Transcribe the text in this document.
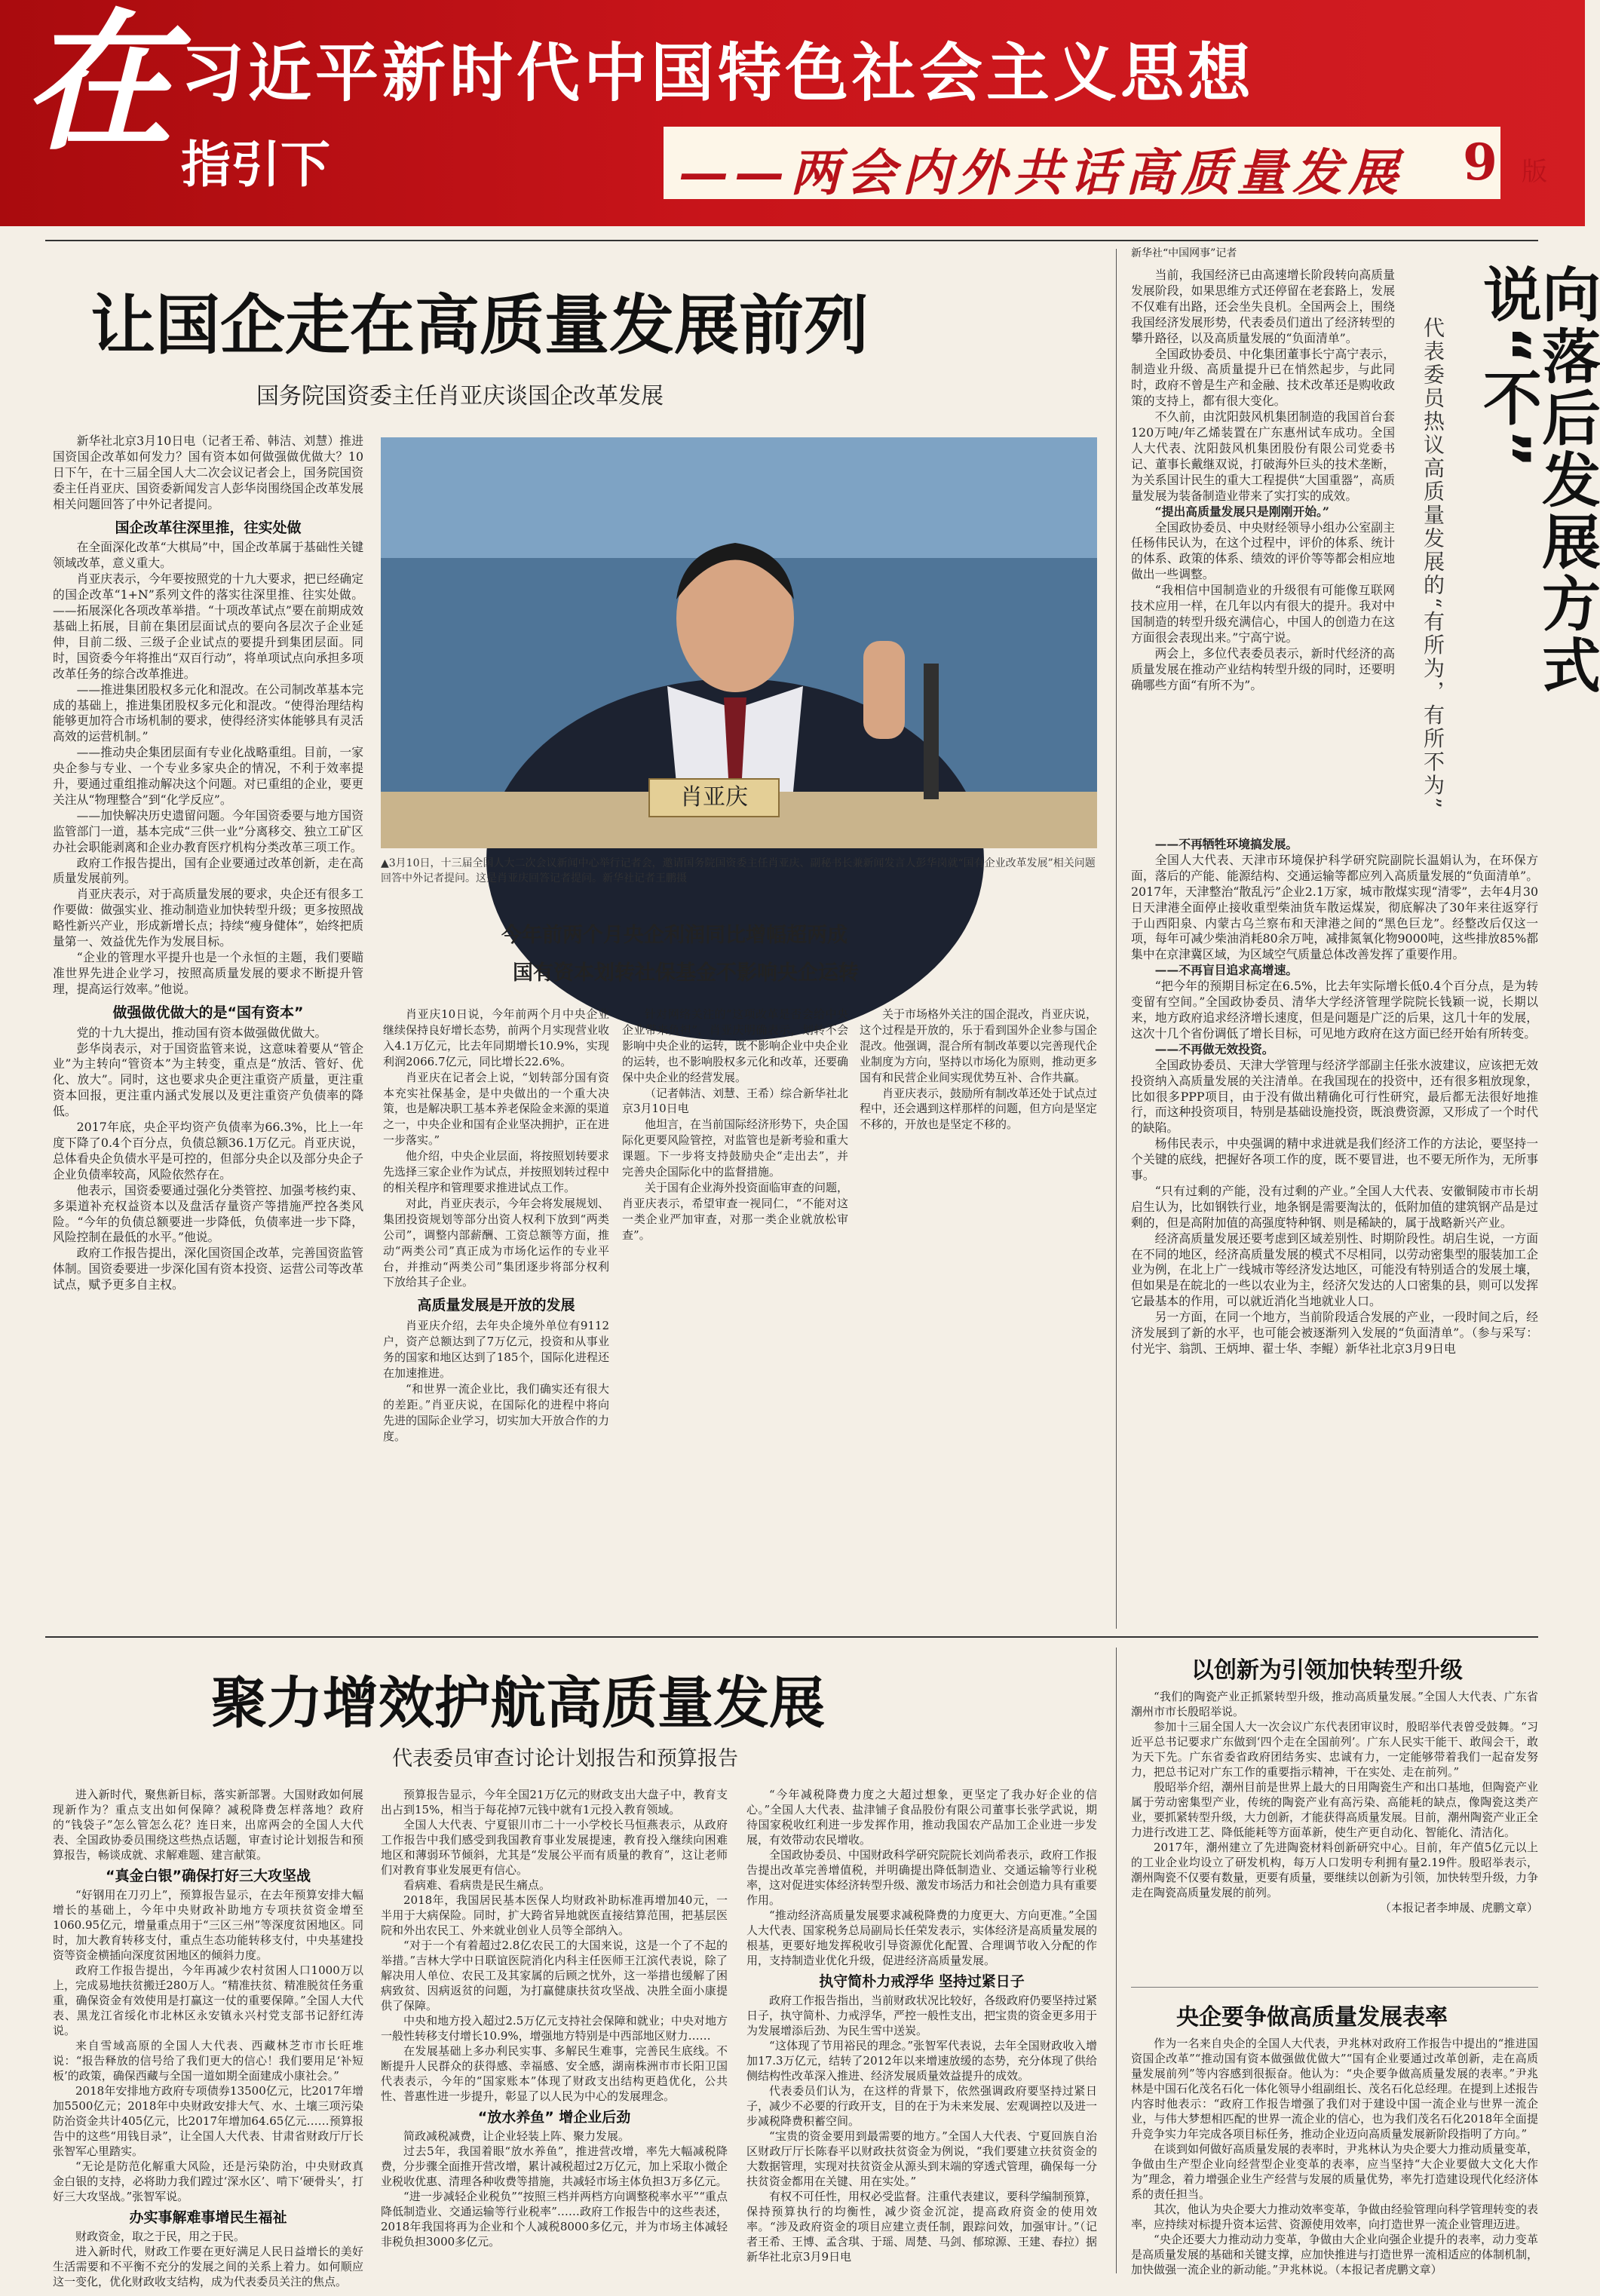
在 习近平新时代中国特色社会主义思想
指引下	——两会内外共话高质量发展 9 版
让国企走在高质量发展前列
国务院国资委主任肖亚庆谈国企改革发展

新华社北京3月10日电（记者王希、韩洁、刘慧）推进国资国企改革如何发力？国有资本如何做强做优做大？10日下午，在十三届全国人大二次会议记者会上，国务院国资委主任肖亚庆、国资委新闻发言人彭华岗围绕国企改革发展相关问题回答了中外记者提问。

国企改革往深里推，往实处做

在全面深化改革“大棋局”中，国企改革属于基础性关键领域改革，意义重大。

肖亚庆表示，今年要按照党的十九大要求，把已经确定的国企改革“1+N”系列文件的落实往深里推、往实处做。——拓展深化各项改革举措。“十项改革试点”要在前期成效基础上拓展，目前在集团层面试点的要向各层次子企业延伸，目前二级、三级子企业试点的要提升到集团层面。同时，国资委今年将推出“双百行动”，将单项试点向承担多项改革任务的综合改革推进。

——推进集团股权多元化和混改。在公司制改革基本完成的基础上，推进集团股权多元化和混改。“使得治理结构能够更加符合市场机制的要求，使得经济实体能够具有灵活高效的运营机制。”

——推动央企集团层面有专业化战略重组。目前，一家央企参与专业、一个专业多家央企的情况，不利于效率提升，要通过重组推动解决这个问题。对已重组的企业，要更关注从“物理整合”到“化学反应”。

——加快解决历史遗留问题。今年国资委要与地方国资监管部门一道，基本完成“三供一业”分离移交、独立工矿区办社会职能剥离和企业办教育医疗机构分类改革三项工作。

政府工作报告提出，国有企业要通过改革创新，走在高质量发展前列。

肖亚庆表示，对于高质量发展的要求，央企还有很多工作要做：做强实业、推动制造业加快转型升级；更多按照战略性新兴产业，形成新增长点；持续“瘦身健体”，始终把质量第一、效益优先作为发展目标。

“企业的管理水平提升也是一个永恒的主题，我们要瞄准世界先进企业学习，按照高质量发展的要求不断提升管理，提高运行效率。”他说。

做强做优做大的是“国有资本”

党的十九大提出，推动国有资本做强做优做大。

彭华岗表示，对于国资监管来说，这意味着要从“管企业”为主转向“管资本”为主转变，重点是“放活、管好、优化、放大”。同时，这也要求央企更注重资产质量，更注重资本回报，更注重内涵式发展以及更注重资产负债率的降低。

2017年底，央企平均资产负债率为66.3%，比上一年度下降了0.4个百分点，负债总额36.1万亿元。肖亚庆说，总体看央企负债水平是可控的，但部分央企以及部分央企子企业负债率较高，风险依然存在。

他表示，国资委要通过强化分类管控、加强考核约束、多渠道补充权益资本以及盘活存量资产等措施严控各类风险。“今年的负债总额要进一步降低，负债率进一步下降，风险控制在最低的水平。”他说。

政府工作报告提出，深化国资国企改革，完善国资监管体制。国资委要进一步深化国有资本投资、运营公司等改革试点，赋予更多自主权。

肖亚庆
▲3月10日，十三届全国人大二次会议新闻中心举行记者会，邀请国务院国资委主任肖亚庆、副秘书长兼新闻发言人彭华岗就“国有企业改革发展”相关问题回答中外记者提问。这是肖亚庆回答记者提问。新华社记者王鹏摄
今年前两个月央企利润同比增幅超两成
国有资本划转社保基金不影响央企运转

肖亚庆10日说，今年前两个月中央企业继续保持良好增长态势，前两个月实现营业收入4.1万亿元，比去年同期增长10.9%，实现利润2066.7亿元，同比增长22.6%。

肖亚庆在记者会上说，“划转部分国有资本充实社保基金，是中央做出的一个重大决策，也是解决职工基本养老保险金来源的渠道之一，中央企业和国有企业坚决拥护，正在进一步落实。”

他介绍，中央企业层面，将按照划转要求先选择三家企业作为试点，并按照划转过程中的相关程序和管理要求推进试点工作。

对此，肖亚庆表示，今年会将发展规划、集团投资规划等部分出资人权利下放到“两类公司”，调整内部薪酬、工资总额等方面，推动“两类公司”真正成为市场化运作的专业平台，并推动“两类公司”集团逐步将部分权利下放给其子企业。

高质量发展是开放的发展

肖亚庆介绍，去年央企境外单位有9112户，资产总额达到了7万亿元，投资和从事业务的国家和地区达到了185个，国际化进程还在加速推进。

“和世界一流企业比，我们确实还有很大的差距。”肖亚庆说，在国际化的进程中将向先进的国际企业学习，切实加大开放合作的力度。

针对网络关注的“这项改革是否会给中央企业带来负担”，肖亚庆明确表示，划转不会影响中央企业的运转，既不影响企业中央企业的运转，也不影响股权多元化和改革，还要确保中央企业的经营发展。

（记者韩洁、刘慧、王希）综合新华社北京3月10日电

他坦言，在当前国际经济形势下，央企国际化更要风险管控，对监管也是新考验和重大课题。下一步将支持鼓励央企“走出去”，并完善央企国际化中的监督措施。

关于国有企业海外投资面临审查的问题，肖亚庆表示，希望审查一视同仁，“不能对这一类企业严加审查，对那一类企业就放松审查”。

关于市场格外关注的国企混改，肖亚庆说，这个过程是开放的，乐于看到国外企业参与国企混改。他强调，混合所有制改革要以完善现代企业制度为方向，坚持以市场化为原则，推动更多国有和民营企业间实现优势互补、合作共赢。

肖亚庆表示，鼓励所有制改革还处于试点过程中，还会遇到这样那样的问题，但方向是坚定不移的，开放也是坚定不移的。

新华社“中国网事”记者
向落后发展方式说“不”
代表委员热议高质量发展的“有所为，有所不为”

当前，我国经济已由高速增长阶段转向高质量发展阶段，如果思维方式还停留在老套路上，发展不仅难有出路，还会坐失良机。全国两会上，围绕我国经济发展形势，代表委员们道出了经济转型的攀升路径，以及高质量发展的“负面清单”。

全国政协委员、中化集团董事长宁高宁表示，制造业升级、高质量提升已在悄然起步，与此同时，政府不曾是生产和金融、技术改革还是购收政策的支持上，都有很大变化。

不久前，由沈阳鼓风机集团制造的我国首台套120万吨/年乙烯装置在广东惠州试车成功。全国人大代表、沈阳鼓风机集团股份有限公司党委书记、董事长戴继双说，打破海外巨头的技术垄断，为关系国计民生的重大工程提供“大国重器”，高质量发展为装备制造业带来了实打实的成效。

“提出高质量发展只是刚刚开始。”

全国政协委员、中央财经领导小组办公室副主任杨伟民认为，在这个过程中，评价的体系、统计的体系、政策的体系、绩效的评价等等都会相应地做出一些调整。

“我相信中国制造业的升级很有可能像互联网技术应用一样，在几年以内有很大的提升。我对中国制造的转型升级充满信心，中国人的创造力在这方面很会表现出来。”宁高宁说。

两会上，多位代表委员表示，新时代经济的高质量发展在推动产业结构转型升级的同时，还要明确哪些方面“有所不为”。

——不再牺牲环境搞发展。

全国人大代表、天津市环境保护科学研究院副院长温娟认为，在环保方面，落后的产能、能源结构、交通运输等都应列入高质量发展的“负面清单”。2017年，天津整治“散乱污”企业2.1万家，城市散煤实现“清零”，去年4月30日天津港全面停止接收重型柴油货车散运煤炭，彻底解决了30年来往返穿行于山西阳泉、内蒙古乌兰察布和天津港之间的“黑色巨龙”。经整改后仅这一项，每年可减少柴油消耗80余万吨，减排氮氧化物9000吨，这些排放85%都集中在京津冀区域，为区域空气质量总体改善发挥了重要作用。

——不再盲目追求高增速。

“把今年的预期目标定在6.5%，比去年实际增长低0.4个百分点，是为转变留有空间。”全国政协委员、清华大学经济管理学院院长钱颖一说，长期以来，地方政府追求经济增长速度，但是问题是广泛的后果，这几十年的发展，这次十几个省份调低了增长目标，可见地方政府在这方面已经开始有所转变。

——不再做无效投资。

全国政协委员、天津大学管理与经济学部副主任张水波建议，应该把无效投资纳入高质量发展的关注清单。在我国现在的投资中，还有很多粗放现象，比如很多PPP项目，由于没有做出精确化可行性研究，最后都无法很好地推行，而这种投资项目，特别是基础设施投资，既浪费资源，又形成了一个时代的缺陷。

杨伟民表示，中央强调的精中求进就是我们经济工作的方法论，要坚持一个关键的底线，把握好各项工作的度，既不要冒进，也不要无所作为，无所事事。

“只有过剩的产能，没有过剩的产业。”全国人大代表、安徽铜陵市市长胡启生认为，比如钢铁行业，地条钢是需要淘汰的，低附加值的建筑钢产品是过剩的，但是高附加值的高强度特种钢、则是稀缺的，属于战略新兴产业。

经济高质量发展还要考虑到区域差别性、时期阶段性。胡启生说，一方面在不同的地区，经济高质量发展的模式不尽相同，以劳动密集型的服装加工企业为例，在北上广一线城市等经济发达地区，可能没有特别适合的发展土壤，但如果是在皖北的一些以农业为主，经济欠发达的人口密集的县，则可以发挥它最基本的作用，可以就近消化当地就业人口。

另一方面，在同一个地方，当前阶段适合发展的产业，一段时间之后，经济发展到了新的水平，也可能会被逐渐列入发展的“负面清单”。（参与采写：付光宇、翁凯、王炳坤、翟士华、李鲲）新华社北京3月9日电

聚力增效护航高质量发展
代表委员审查讨论计划报告和预算报告

进入新时代，聚焦新目标，落实新部署。大国财政如何展现新作为？重点支出如何保障？减税降费怎样落地？政府的“钱袋子”怎么管怎么花？连日来，出席两会的全国人大代表、全国政协委员围绕这些热点话题，审查讨论计划报告和预算报告，畅谈成就、求解难题、建言献策。

“真金白银”确保打好三大攻坚战

“好钢用在刀刃上”，预算报告显示，在去年预算安排大幅增长的基础上，今年中央财政补助地方专项扶贫资金增至1060.95亿元，增量重点用于“三区三州”等深度贫困地区。同时，加大教育转移支付，重点生态功能转移支付，中央基建投资等资金横插向深度贫困地区的倾斜力度。

政府工作报告提出，今年再减少农村贫困人口1000万以上，完成易地扶贫搬迁280万人。“精准扶贫、精准脱贫任务重重，确保资金有效使用是打赢这一仗的重要保障。”全国人大代表、黑龙江省绥化市北林区永安镇永兴村党支部书记舒红涛说。

来自雪域高原的全国人大代表、西藏林芝市市长旺堆说：“报告释放的信号给了我们更大的信心！我们要用足‘补短板’的政策，确保西藏与全国一道如期全面建成小康社会。”

2018年安排地方政府专项债券13500亿元，比2017年增加5500亿元；2018年中央财政安排大气、水、土壤三项污染防治资金共计405亿元，比2017年增加64.65亿元……预算报告中的这些“用钱目录”，让全国人大代表、甘肃省财政厅厅长张智军心里踏实。

“无论是防范化解重大风险，还是污染防治，中央财政真金白银的支持，必将助力我们蹚过‘深水区’、啃下‘硬骨头’，打好三大攻坚战。”张智军说。

办实事解难事增民生福祉

财政资金，取之于民，用之于民。

进入新时代，财政工作要在更好满足人民日益增长的美好生活需要和不平衡不充分的发展之间的关系上着力。如何顺应这一变化，优化财政收支结构，成为代表委员关注的焦点。

预算报告显示，今年全国21万亿元的财政支出大盘子中，教育支出占到15%，相当于每花掉7元钱中就有1元投入教育领域。

全国人大代表、宁夏银川市二十一小学校长马恒燕表示，从政府工作报告中我们感受到我国教育事业发展提速，教育投入继续向困难地区和薄弱环节倾斜，尤其是“发展公平而有质量的教育”，这让老师们对教育事业发展更有信心。

看病难、看病贵是民生痛点。

2018年，我国居民基本医保人均财政补助标准再增加40元，一半用于大病保险。同时，扩大跨省异地就医直接结算范围，把基层医院和外出农民工、外来就业创业人员等全部纳入。

“对于一个有着超过2.8亿农民工的大国来说，这是一个了不起的举措。”吉林大学中日联谊医院消化内科主任医师王江滨代表说，除了解决用人单位、农民工及其家属的后顾之忧外，这一举措也缓解了困病致贫、因病返贫的问题，为打赢健康扶贫攻坚战、决胜全面小康提供了保障。

中央和地方投入超过2.5万亿元支持社会保障和就业；中央对地方一般性转移支付增长10.9%，增强地方特别是中西部地区财力……

在发展基础上多办利民实事、多解民生难事，完善民生底线。不断提升人民群众的获得感、幸福感、安全感，湖南株洲市市长阳卫国代表表示，今年的“国家账本”体现了财政支出结构更趋优化，公共性、普惠性进一步提升，彰显了以人民为中心的发展理念。

“放水养鱼” 增企业后劲

简政减税减费，让企业轻装上阵、聚力发展。

过去5年，我国着眼“放水养鱼”，推进营改增，率先大幅减税降费，分步骤全面推开营改增，累计减税超过2万亿元，加上采取小微企业税收优惠、清理各种收费等措施，共减轻市场主体负担3万多亿元。

“进一步减轻企业税负”“按照三档并两档方向调整税率水平”“重点降低制造业、交通运输等行业税率”……政府工作报告中的这些表述，2018年我国将再为企业和个人减税8000多亿元，并为市场主体减轻非税负担3000多亿元。

“今年减税降费力度之大超过想象，更坚定了我办好企业的信心。”全国人大代表、盐津铺子食品股份有限公司董事长张学武说，期待国家税收红利进一步发挥作用，推动我国农产品加工企业进一步发展，有效带动农民增收。

全国政协委员、中国财政科学研究院院长刘尚希表示，政府工作报告提出改革完善增值税，并明确提出降低制造业、交通运输等行业税率，这对促进实体经济转型升级、激发市场活力和社会创造力具有重要作用。

“推动经济高质量发展要求减税降费的力度更大、方向更准。”全国人大代表、国家税务总局副局长任荣发表示，实体经济是高质量发展的根基，更要好地发挥税收引导资源优化配置、合理调节收入分配的作用，支持制造业优化升级，促进经济高质量发展。

执守简朴力戒浮华 坚持过紧日子

政府工作报告指出，当前财政状况比较好，各级政府仍要坚持过紧日子，执守简朴、力戒浮华，严控一般性支出，把宝贵的资金更多用于为发展增添后劲、为民生雪中送炭。

“这体现了节用裕民的理念。”张智军代表说，去年全国财政收入增加17.3万亿元，结转了2012年以来增速放缓的态势，充分体现了供给侧结构性改革深入推进、经济发展质量效益提升的成效。

代表委员们认为，在这样的背景下，依然强调政府要坚持过紧日子，减少不必要的行政开支，目的在于为未来发展、宏观调控以及进一步减税降费积蓄空间。

“宝贵的资金要用到最需要的地方。”全国人大代表、宁夏回族自治区财政厅厅长陈春平以财政扶贫资金为例说，“我们要建立扶贫资金的大数据管理，实现对扶贫资金从源头到末端的穿透式管理，确保每一分扶贫资金都用在关键、用在实处。”

有权不可任性，用权必受监督。注重代表建议，要科学编制预算，保持预算执行的均衡性，减少资金沉淀，提高政府资金的使用效率。“涉及政府资金的项目应建立责任制，跟踪问效，加强审计。”（记者王希、王博、孟含琪、于瑶、周楚、马剑、郁琼源、王建、春拉）据新华社北京3月9日电

以创新为引领加快转型升级

“我们的陶瓷产业正抓紧转型升级，推动高质量发展。”全国人大代表、广东省潮州市市长殷昭举说。

参加十三届全国人大一次会议广东代表团审议时，殷昭举代表曾受鼓舞。“习近平总书记要求广东做到‘四个走在全国前列’。广东人民实干能干、敢闯会干，敢为天下先。广东省委省政府团结务实、忠诚有力，一定能够带着我们一起奋发努力，把总书记对广东工作的重要指示精神，干在实处、走在前列。”

殷昭举介绍，潮州目前是世界上最大的日用陶瓷生产和出口基地，但陶瓷产业属于劳动密集型产业，传统的陶瓷产业有高污染、高能耗的缺点，像陶瓷这类产业，要抓紧转型升级，大力创新，才能获得高质量发展。目前，潮州陶瓷产业正全力进行改进工艺、降低能耗等方面革新，使生产更自动化、智能化、清洁化。

2017年，潮州建立了先进陶瓷材料创新研究中心。目前，年产值5亿元以上的工业企业均设立了研发机构，每万人口发明专利拥有量2.19件。殷昭举表示，潮州陶瓷不仅要有数量，更要有质量，要继续以创新为引领，加快转型升级，力争走在陶瓷高质量发展的前列。

（本报记者李坤晟、虎鹏文章）

央企要争做高质量发展表率

作为一名来自央企的全国人大代表，尹兆林对政府工作报告中提出的“推进国资国企改革”“推动国有资本做强做优做大”“国有企业要通过改革创新，走在高质量发展前列”等内容感到很振奋。他认为：“央企要争做高质量发展的表率。”尹兆林是中国石化茂名石化一体化领导小组副组长、茂名石化总经理。在提到上述报告内容时他表示：“政府工作报告增强了我们对于建设中国一流企业与世界一流企业，与伟大梦想相匹配的世界一流企业的信心，也为我们茂名石化2018年全面提升竞争实力年完成各项目标任务，推动企业迈向高质量发展新阶段指明了方向。”

在谈到如何做好高质量发展的表率时，尹兆林认为央企要大力推动质量变革，争做由生产型企业向经营型企业变革的表率，应当坚持“大企业要做大文化大作为”理念，着力增强企业生产经营与发展的质量优势，率先打造建设现代化经济体系的责任担当。

其次，他认为央企要大力推动效率变革，争做由经验管理向科学管理转变的表率，应持续对标提升资本运营、资源使用效率，向打造世界一流企业管理迈进。

“央企还要大力推动动力变革，争做由大企业向强企业提升的表率，动力变革是高质量发展的基础和关键支撑，应加快推进与打造世界一流相适应的体制机制，加快做强一流企业的新动能。”尹兆林说。（本报记者虎鹏文章）
